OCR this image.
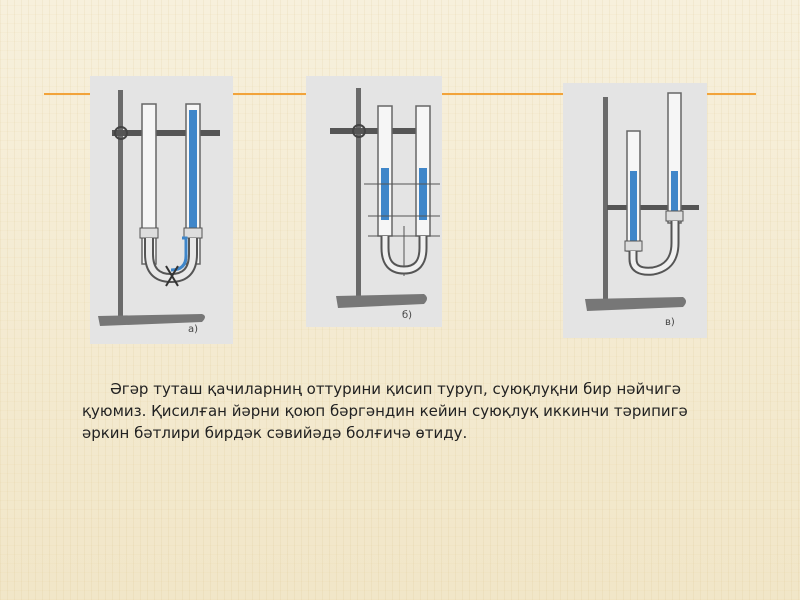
а)
б)
в)

Әгәр туташ қачиларниң оттурини қисип туруп, суюқлуқни бир нәйчигә қуюмиз. Қисилған йәрни қоюп бәргәндин кейин суюқлуқ иккинчи тәрипигә әркин бәтлири бирдәк сәвийәдә болғичә өтиду.
